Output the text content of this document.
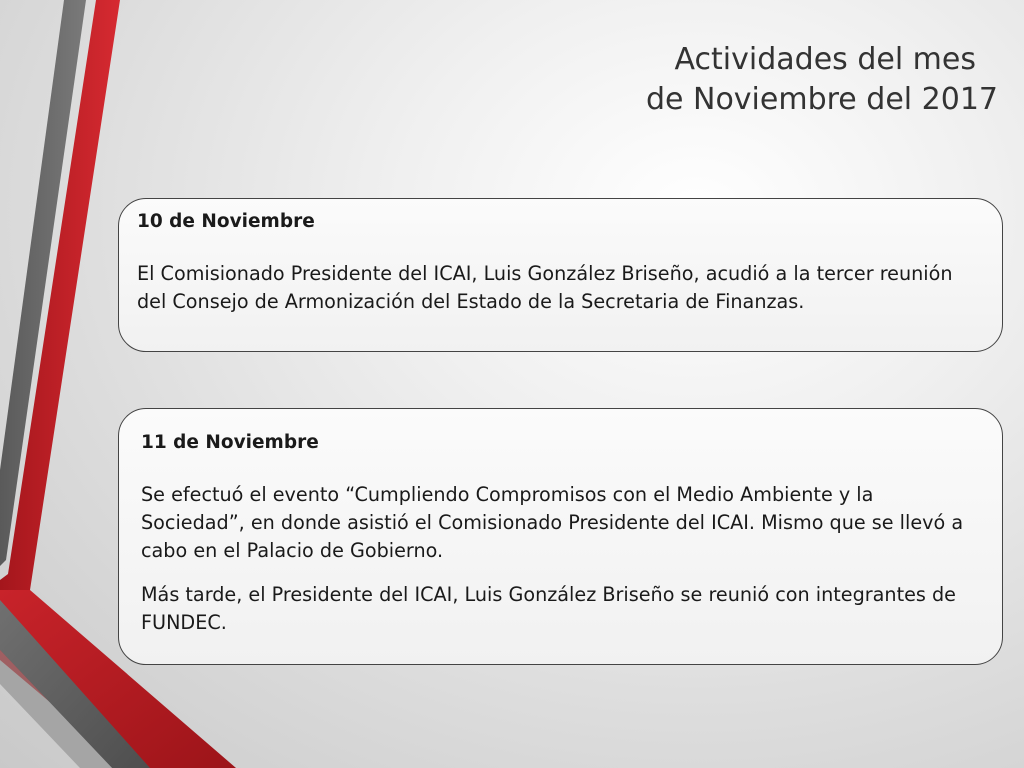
Actividades del mes
de Noviembre del 2017
10 de Noviembre

El Comisionado Presidente del ICAI, Luis González Briseño, acudió a la tercer reunión del Consejo de Armonización del Estado de la Secretaria de Finanzas.

11 de Noviembre

Se efectuó el evento “Cumpliendo Compromisos con el Medio Ambiente y la Sociedad”, en donde asistió el Comisionado Presidente del ICAI. Mismo que se llevó a cabo en el Palacio de Gobierno.

Más tarde, el Presidente del ICAI, Luis González Briseño se reunió con integrantes de FUNDEC.
